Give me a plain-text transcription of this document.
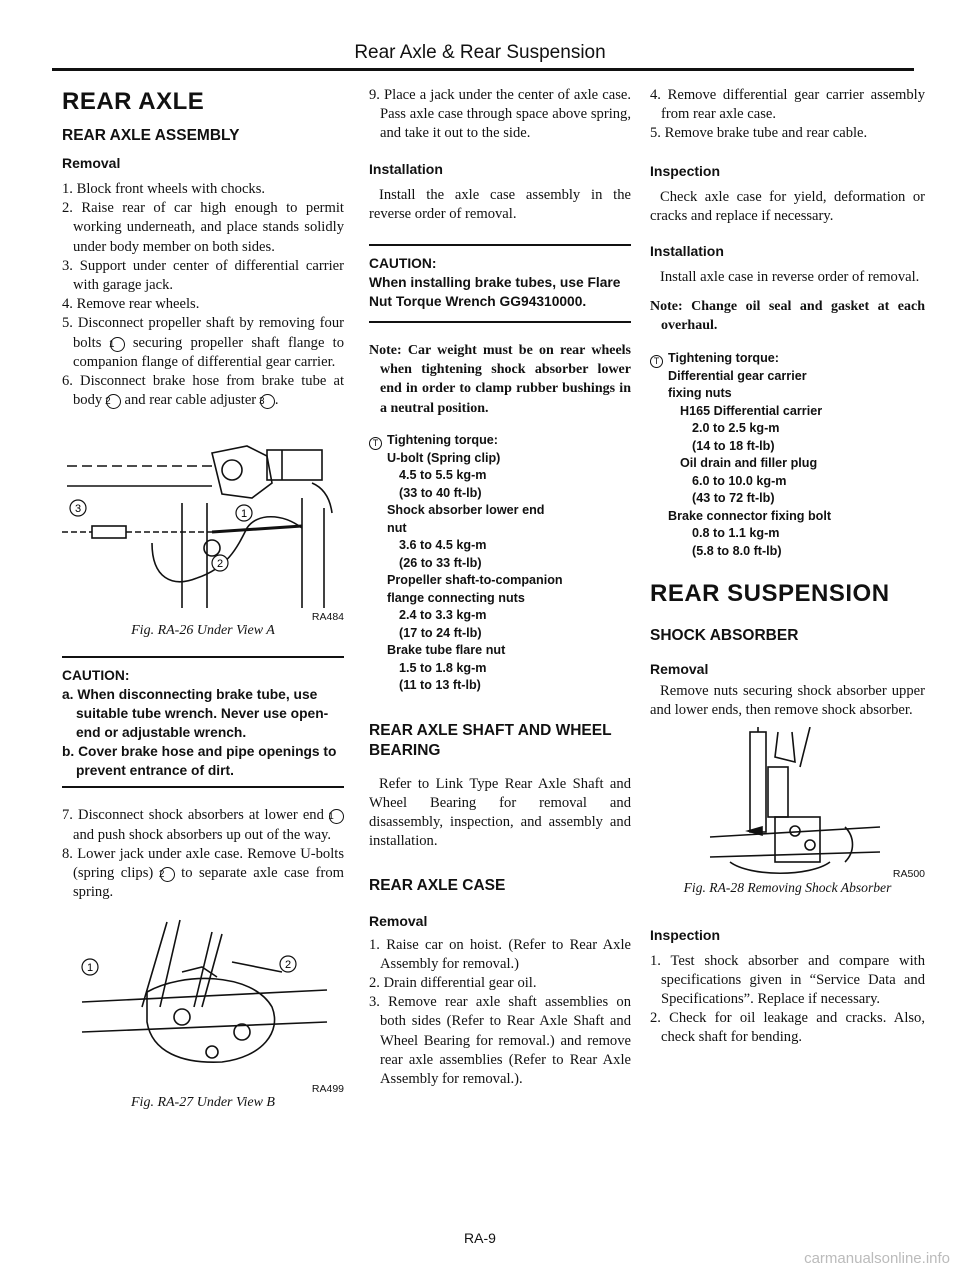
Rear Axle & Rear Suspension
REAR AXLE
REAR AXLE ASSEMBLY
Removal
1. Block front wheels with chocks.
2. Raise rear of car high enough to permit working underneath, and place stands solidly under body member on both sides.
3. Support under center of differential carrier with garage jack.
4. Remove rear wheels.
5. Disconnect propeller shaft by removing four bolts 1 securing propeller shaft flange to companion flange of differential gear carrier.
6. Disconnect brake hose from brake tube at body 2 and rear cable adjuster 3 .
3	1
2
RA484
Fig. RA-26 Under View A
CAUTION:
a. When disconnecting brake tube, use suitable tube wrench. Never use open-end or adjustable wrench.
b. Cover brake hose and pipe openings to prevent entrance of dirt.
7. Disconnect shock absorbers at lower end 1 and push shock absorbers up out of the way.
8. Lower jack under axle case. Remove U-bolts (spring clips) 2 to separate axle case from spring.
1	2
RA499
Fig. RA-27 Under View B
9. Place a jack under the center of axle case. Pass axle case through space above spring, and take it out to the side.
Installation
Install the axle case assembly in the reverse order of removal.
CAUTION:
When installing brake tubes, use Flare Nut Torque Wrench GG94310000.
Note: Car weight must be on rear wheels when tightening shock absorber lower end in order to clamp rubber bushings in a neutral position.
T Tightening torque:
U-bolt (Spring clip)
4.5 to 5.5 kg-m
(33 to 40 ft-lb)
Shock absorber lower end
nut
3.6 to 4.5 kg-m
(26 to 33 ft-lb)
Propeller shaft-to-companion
flange connecting nuts
2.4 to 3.3 kg-m
(17 to 24 ft-lb)
Brake tube flare nut
1.5 to 1.8 kg-m
(11 to 13 ft-lb)
REAR AXLE SHAFT AND WHEEL BEARING
Refer to Link Type Rear Axle Shaft and Wheel Bearing for removal and disassembly, inspection, and assembly and installation.
REAR AXLE CASE
Removal
1. Raise car on hoist. (Refer to Rear Axle Assembly for removal.)
2. Drain differential gear oil.
3. Remove rear axle shaft assemblies on both sides (Refer to Rear Axle Shaft and Wheel Bearing for removal.) and remove rear axle assemblies (Refer to Rear Axle Assembly for removal.).
4. Remove differential gear carrier assembly from rear axle case.
5. Remove brake tube and rear cable.
Inspection
Check axle case for yield, deformation or cracks and replace if necessary.
Installation
Install axle case in reverse order of removal.
Note: Change oil seal and gasket at each overhaul.
T Tightening torque:
Differential gear carrier
fixing nuts
H165 Differential carrier
2.0 to 2.5 kg-m
(14 to 18 ft-lb)
Oil drain and filler plug
6.0 to 10.0 kg-m
(43 to 72 ft-lb)
Brake connector fixing bolt
0.8 to 1.1 kg-m
(5.8 to 8.0 ft-lb)
REAR SUSPENSION
SHOCK ABSORBER
Removal
Remove nuts securing shock absorber upper and lower ends, then remove shock absorber.
RA500
Fig. RA-28 Removing Shock Absorber
Inspection
1. Test shock absorber and compare with specifications given in “Service Data and Specifications”. Replace if necessary.
2. Check for oil leakage and cracks. Also, check shaft for bending.
RA-9
carmanualsonline.info
